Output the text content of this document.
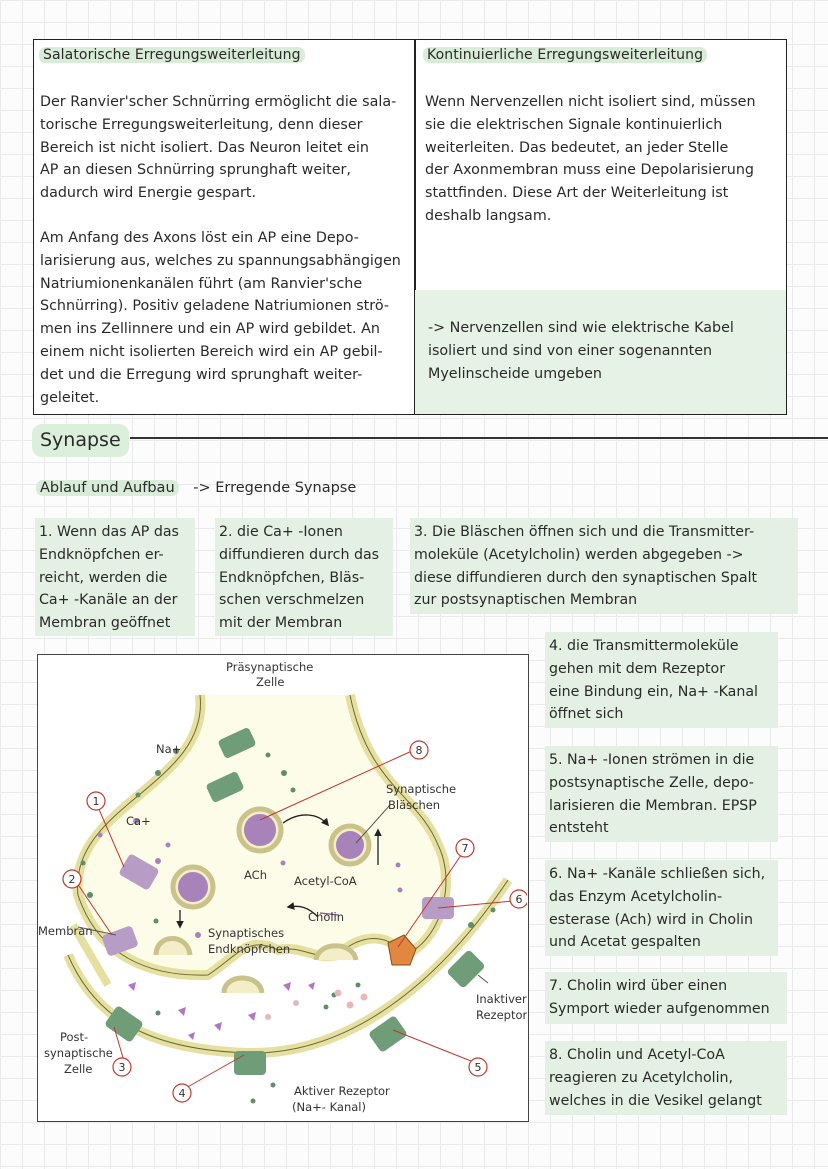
Salatorische Erregungsweiterleitung	Kontinuierliche Erregungsweiterleitung

Der Ranvier'scher Schnürring ermöglicht die sala-
torische Erregungsweiterleitung, denn dieser
Bereich ist nicht isoliert. Das Neuron leitet ein
AP an diesen Schnürring sprunghaft weiter,
dadurch wird Energie gespart.

Am Anfang des Axons löst ein AP eine Depo-
larisierung aus, welches zu spannungsabhängigen
Natriumionenkanälen führt (am Ranvier'sche
Schnürring). Positiv geladene Natriumionen strö-
men ins Zellinnere und ein AP wird gebildet. An
einem nicht isolierten Bereich wird ein AP gebil-
det und die Erregung wird sprunghaft weiter-
geleitet.

Wenn Nervenzellen nicht isoliert sind, müssen
sie die elektrischen Signale kontinuierlich
weiterleiten. Das bedeutet, an jeder Stelle
der Axonmembran muss eine Depolarisierung
stattfinden. Diese Art der Weiterleitung ist
deshalb langsam.

-> Nervenzellen sind wie elektrische Kabel
isoliert und sind von einer sogenannten
Myelinscheide umgeben

Synapse
Ablauf und Aufbau -> Erregende Synapse
1. Wenn das AP das
Endknöpfchen er-
reicht, werden die
Ca+ -Kanäle an der
Membran geöffnet
2. die Ca+ -Ionen
diffundieren durch das
Endknöpfchen, Bläs-
schen verschmelzen
mit der Membran
3. Die Bläschen öffnen sich und die Transmitter-
moleküle (Acetylcholin) werden abgegeben ->
diese diffundieren durch den synaptischen Spalt
zur postsynaptischen Membran
4. die Transmittermoleküle
gehen mit dem Rezeptor
eine Bindung ein, Na+ -Kanal
öffnet sich
5. Na+ -Ionen strömen in die
postsynaptische Zelle, depo-
larisieren die Membran. EPSP
entsteht
6. Na+ -Kanäle schließen sich,
das Enzym Acetylcholin-
esterase (Ach) wird in Cholin
und Acetat gespalten
7. Cholin wird über einen
Symport wieder aufgenommen
8. Cholin und Acetyl-CoA
reagieren zu Acetylcholin,
welches in die Vesikel gelangt
1
2
3
4
5
6
7
8
Präsynaptische
Zelle
Na+
Ca+
Synaptische
Bläschen
ACh Acetyl-CoA
Cholin
Synaptisches
Endknöpfchen
Membran
Post-
synaptische
Zelle
Aktiver Rezeptor
(Na+- Kanal)
Inaktiver
Rezeptor
